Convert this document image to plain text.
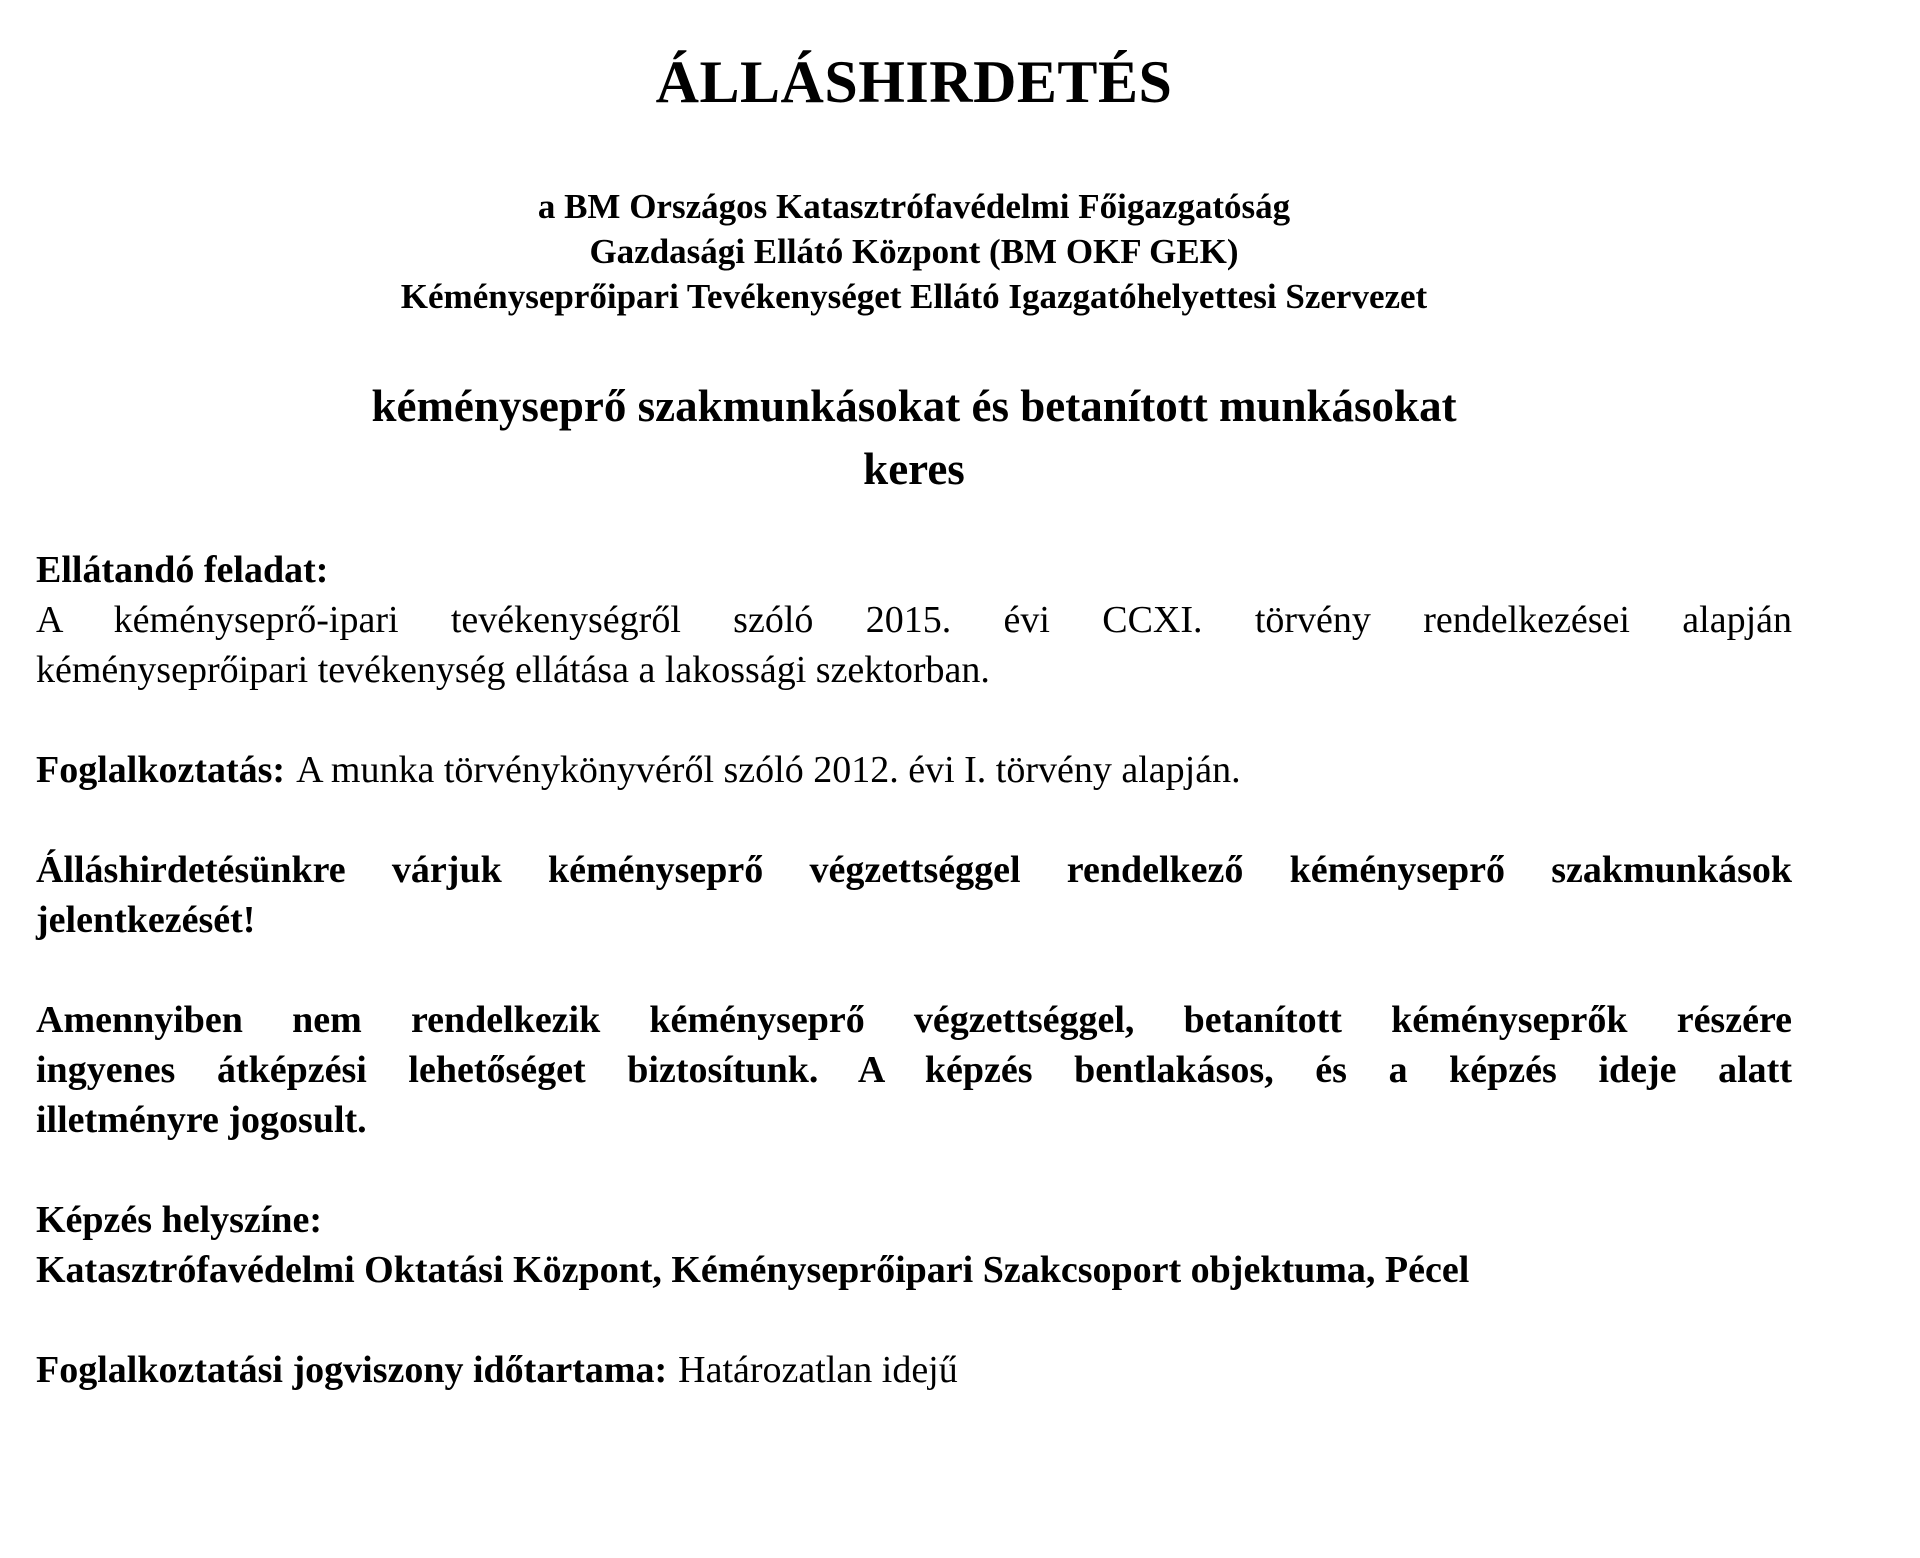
ÁLLÁSHIRDETÉS
a BM Országos Katasztrófavédelmi Főigazgatóság
Gazdasági Ellátó Központ (BM OKF GEK)
Kéményseprőipari Tevékenységet Ellátó Igazgatóhelyettesi Szervezet
kéményseprő szakmunkásokat és betanított munkásokat
keres
Ellátandó feladat:
A kéményseprő-ipari tevékenységről szóló 2015. évi CCXI. törvény rendelkezései alapján
kéményseprőipari tevékenység ellátása a lakossági szektorban.
Foglalkoztatás: A munka törvénykönyvéről szóló 2012. évi I. törvény alapján.
Álláshirdetésünkre várjuk kéményseprő végzettséggel rendelkező kéményseprő szakmunkások
jelentkezését!
Amennyiben nem rendelkezik kéményseprő végzettséggel, betanított kéményseprők részére
ingyenes átképzési lehetőséget biztosítunk. A képzés bentlakásos, és a képzés ideje alatt
illetményre jogosult.
Képzés helyszíne:
Katasztrófavédelmi Oktatási Központ, Kéményseprőipari Szakcsoport objektuma, Pécel
Foglalkoztatási jogviszony időtartama: Határozatlan idejű
